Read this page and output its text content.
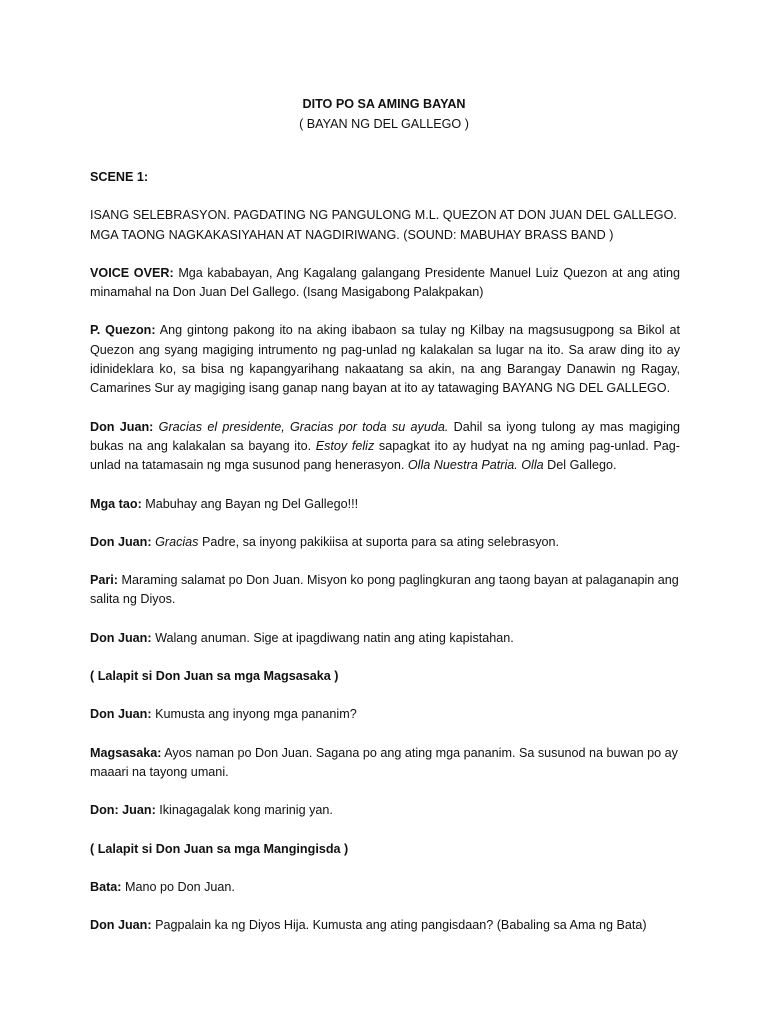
DITO PO SA AMING BAYAN
( BAYAN NG DEL GALLEGO )

SCENE 1:

ISANG SELEBRASYON. PAGDATING NG PANGULONG M.L. QUEZON AT DON JUAN DEL GALLEGO. MGA TAONG NAGKAKASIYAHAN AT NAGDIRIWANG. (SOUND: MABUHAY BRASS BAND )

VOICE OVER: Mga kababayan, Ang Kagalang galangang Presidente Manuel Luiz Quezon at ang ating minamahal na Don Juan Del Gallego. (Isang Masigabong Palakpakan)

P. Quezon: Ang gintong pakong ito na aking ibabaon sa tulay ng Kilbay na magsusugpong sa Bikol at Quezon ang syang magiging intrumento ng pag-unlad ng kalakalan sa lugar na ito. Sa araw ding ito ay idinideklara ko, sa bisa ng kapangyarihang nakaatang sa akin, na ang Barangay Danawin ng Ragay, Camarines Sur ay magiging isang ganap nang bayan at ito ay tatawaging BAYANG NG DEL GALLEGO.

Don Juan: Gracias el presidente, Gracias por toda su ayuda. Dahil sa iyong tulong ay mas magiging bukas na ang kalakalan sa bayang ito. Estoy feliz sapagkat ito ay hudyat na ng aming pag-unlad. Pag-unlad na tatamasain ng mga susunod pang henerasyon. Olla Nuestra Patria. Olla Del Gallego.

Mga tao: Mabuhay ang Bayan ng Del Gallego!!!

Don Juan: Gracias Padre, sa inyong pakikiisa at suporta para sa ating selebrasyon.

Pari: Maraming salamat po Don Juan. Misyon ko pong paglingkuran ang taong bayan at palaganapin ang salita ng Diyos.

Don Juan: Walang anuman. Sige at ipagdiwang natin ang ating kapistahan.

( Lalapit si Don Juan sa mga Magsasaka )

Don Juan: Kumusta ang inyong mga pananim?

Magsasaka: Ayos naman po Don Juan. Sagana po ang ating mga pananim. Sa susunod na buwan po ay maaari na tayong umani.

Don: Juan: Ikinagagalak kong marinig yan.

( Lalapit si Don Juan sa mga Mangingisda )

Bata: Mano po Don Juan.

Don Juan: Pagpalain ka ng Diyos Hija. Kumusta ang ating pangisdaan? (Babaling sa Ama ng Bata)
